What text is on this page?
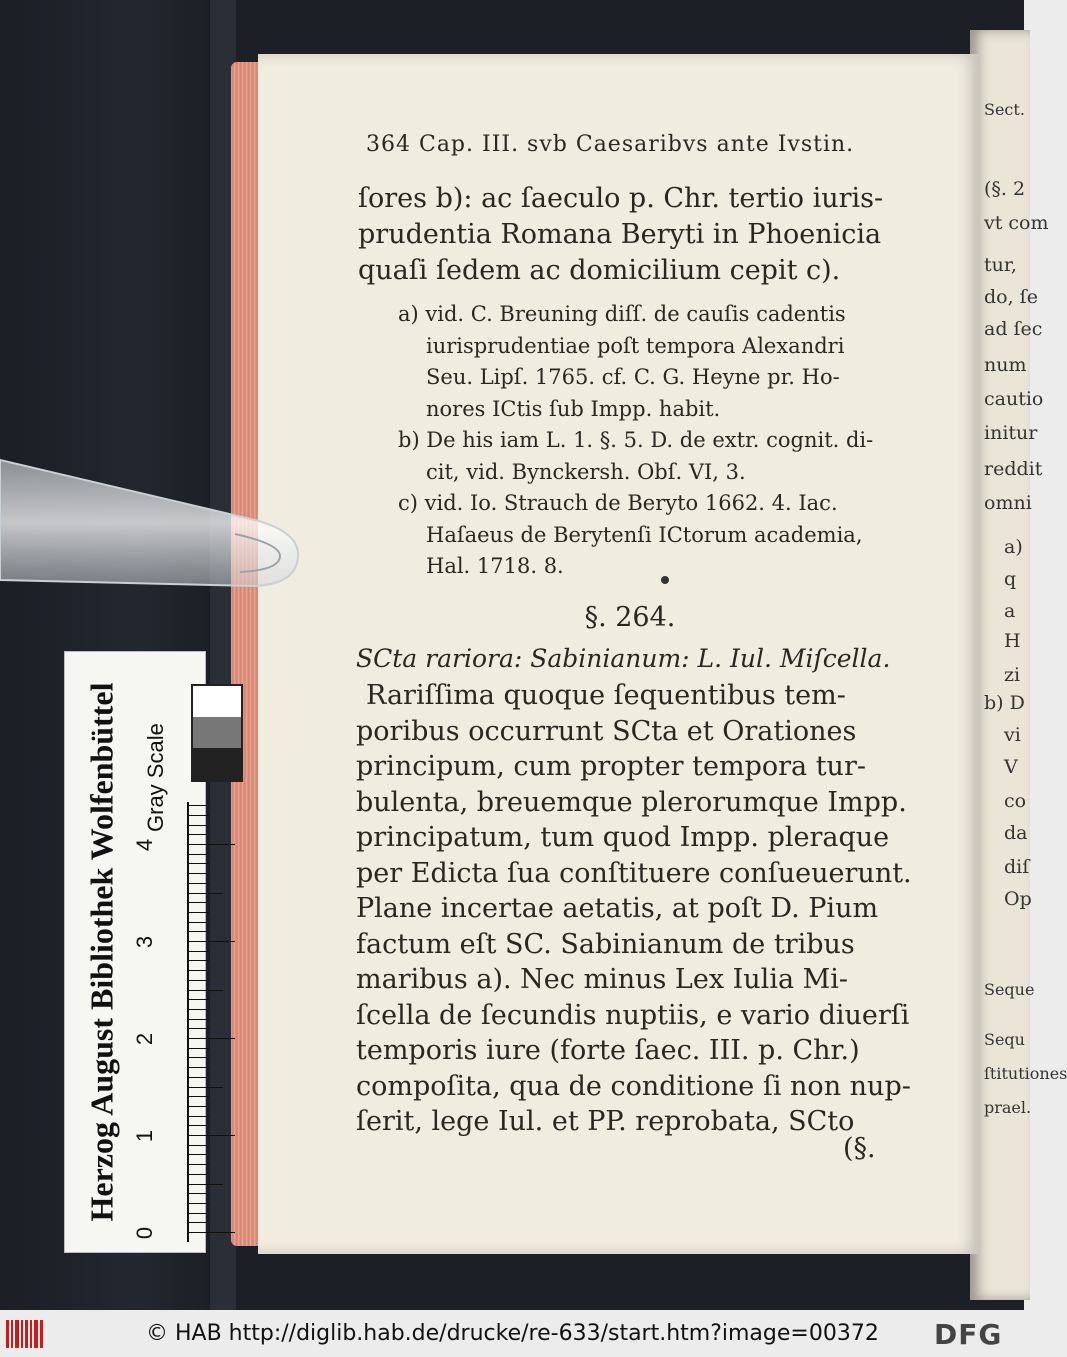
Sect.
(§. 2
vt com
tur,
do, ſe
ad ſec
num
cautio
initur
reddit
omni
a)
q
a
H
zi
b) D
vi
V
co
da
diſ
Op
Seque
Sequ
ſtitutiones
prael.
364 Cap. III. svb Caesaribvs ante Ivstin.
ſores b): ac ſaeculo p. Chr. tertio iuris-
prudentia Romana Beryti in Phoenicia
quaſi ſedem ac domicilium cepit c).
a) vid. C. Breuning diſſ. de cauſis cadentis
iurisprudentiae poſt tempora Alexandri
Seu. Lipſ. 1765. cf. C. G. Heyne pr. Ho-
nores ICtis ſub Impp. habit.
b) De his iam L. 1. §. 5. D. de extr. cognit. di-
cit, vid. Bynckersh. Obſ. VI, 3.
c) vid. Io. Strauch de Beryto 1662. 4. Iac.
Haſaeus de Berytenſi ICtorum academia,
Hal. 1718. 8.
§. 264.
SCta rariora: Sabinianum: L. Iul. Miſcella.
Rariſſima quoque ſequentibus tem-
poribus occurrunt SCta et Orationes
principum, cum propter tempora tur-
bulenta, breuemque plerorumque Impp.
principatum, tum quod Impp. pleraque
per Edicta ſua conſtituere conſueuerunt.
Plane incertae aetatis, at poſt D. Pium
factum eſt SC. Sabinianum de tribus
maribus a). Nec minus Lex Iulia Mi-
ſcella de ſecundis nuptiis, e vario diuerſi
temporis iure (forte ſaec. III. p. Chr.)
compoſita, qua de conditione ſi non nup-
ſerit, lege Iul. et PP. reprobata, SCto
(§.
Herzog August Bibliothek Wolfenbüttel Gray Scale
0
1
2
3
4
© HAB http://diglib.hab.de/drucke/re-633/start.htm?image=00372 DFG
